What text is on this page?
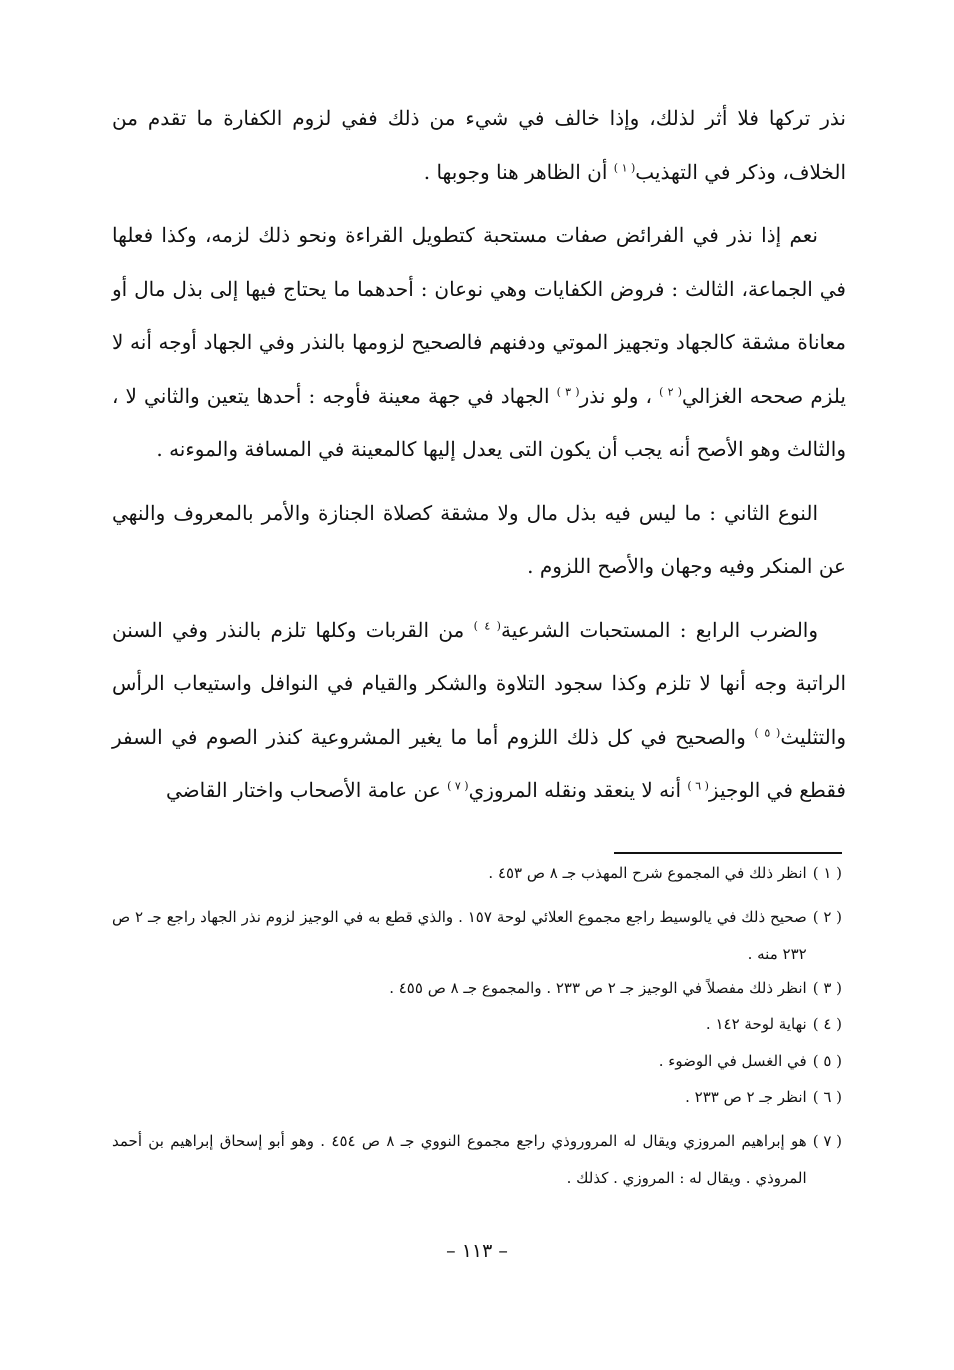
نذر تركها فلا أثر لذلك، وإذا خالف في شيء من ذلك ففي لزوم الكفارة ما تقدم من الخلاف، وذكر في التهذيب$^{( ١ )}$ أن الظاهر هنا وجوبها .

نعم إذا نذر في الفرائض صفات مستحبة كتطويل القراءة ونحو ذلك لزمه، وكذا فعلها في الجماعة، الثالث : فروض الكفايات وهي نوعان : أحدهما ما يحتاج فيها إلى بذل مال أو معاناة مشقة كالجهاد وتجهيز الموتي ودفنهم فالصحيح لزومها بالنذر وفي الجهاد أوجه أنه لا يلزم صححه الغزالي$^{( ٢ )}$ ، ولو نذر$^{( ٣ )}$ الجهاد في جهة معينة فأوجه : أحدها يتعين والثاني لا ، والثالث وهو الأصح أنه يجب أن يكون التى يعدل إليها كالمعينة في المسافة والموءنه .

النوع الثاني : ما ليس فيه بذل مال ولا مشقة كصلاة الجنازة والأمر بالمعروف والنهي عن المنكر وفيه وجهان والأصح اللزوم .

والضرب الرابع : المستحبات الشرعية$^{( ٤ )}$ من القربات وكلها تلزم بالنذر وفي السنن الراتبة وجه أنها لا تلزم وكذا سجود التلاوة والشكر والقيام في النوافل واستيعاب الرأس والتثليث$^{( ٥ )}$ والصحيح في كل ذلك اللزوم أما ما يغير المشروعية كنذر الصوم في السفر فقطع في الوجيز$^{( ٦ )}$ أنه لا ينعقد ونقله المروزي$^{( ٧ )}$ عن عامة الأصحاب واختار القاضي

( ١ )
انظر ذلك في المجموع شرح المهذب جـ ٨ ص ٤٥٣ .
( ٢ )
صحيح ذلك في يالوسيط راجع مجموع العلائي لوحة ١٥٧ . والذي قطع به في الوجيز لزوم نذر الجهاد راجع جـ ٢ ص ٢٣٢ منه .
( ٣ )
انظر ذلك مفصلاً في الوجيز جـ ٢ ص ٢٣٣ . والمجموع جـ ٨ ص ٤٥٥ .
( ٤ )
نهاية لوحة ١٤٢ .
( ٥ )
في الغسل في الوضوء .
( ٦ )
انظر جـ ٢ ص ٢٣٣ .
( ٧ )
هو إبراهيم المروزي ويقال له المروروذي راجع مجموع النووي جـ ٨ ص ٤٥٤ . وهو أبو إسحاق إبراهيم بن أحمد المروذي . ويقال له : المروزي . كذلك .
– ١١٣ –
